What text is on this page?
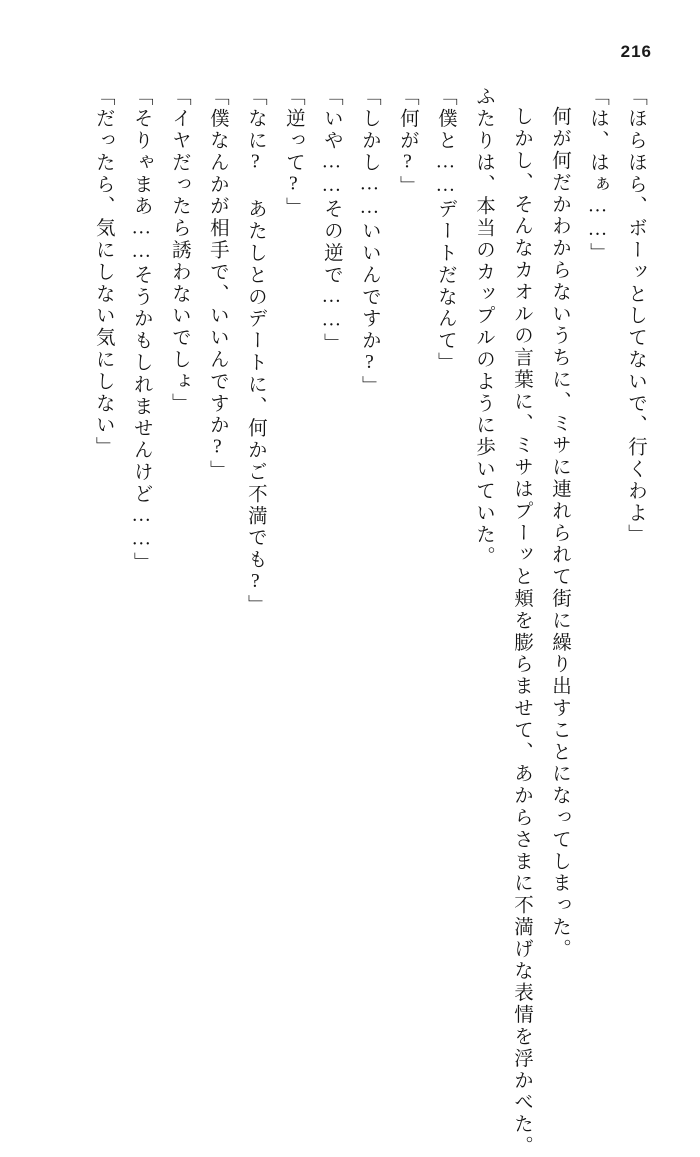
216
「ほらほら、ボーッとしてないで、行くわよ」
「は、はぁ……」
何が何だかわからないうちに、ミサに連れられて街に繰り出すことになってしまった。
しかし、そんなカオルの言葉に、ミサはプーッと頬を膨らませて、あからさまに不満げな表情を浮かべた。
ふたりは、本当のカップルのように歩いていた。
「僕と……デートだなんて」
「何が?」
「しかし……いいんですか?」
「いや……その逆で……」
「逆って?」
「なに? あたしとのデートに、何かご不満でも?」
「僕なんかが相手で、いいんですか?」
「イヤだったら誘わないでしょ」
「そりゃまあ……そうかもしれませんけど……」
「だったら、気にしない気にしない」
